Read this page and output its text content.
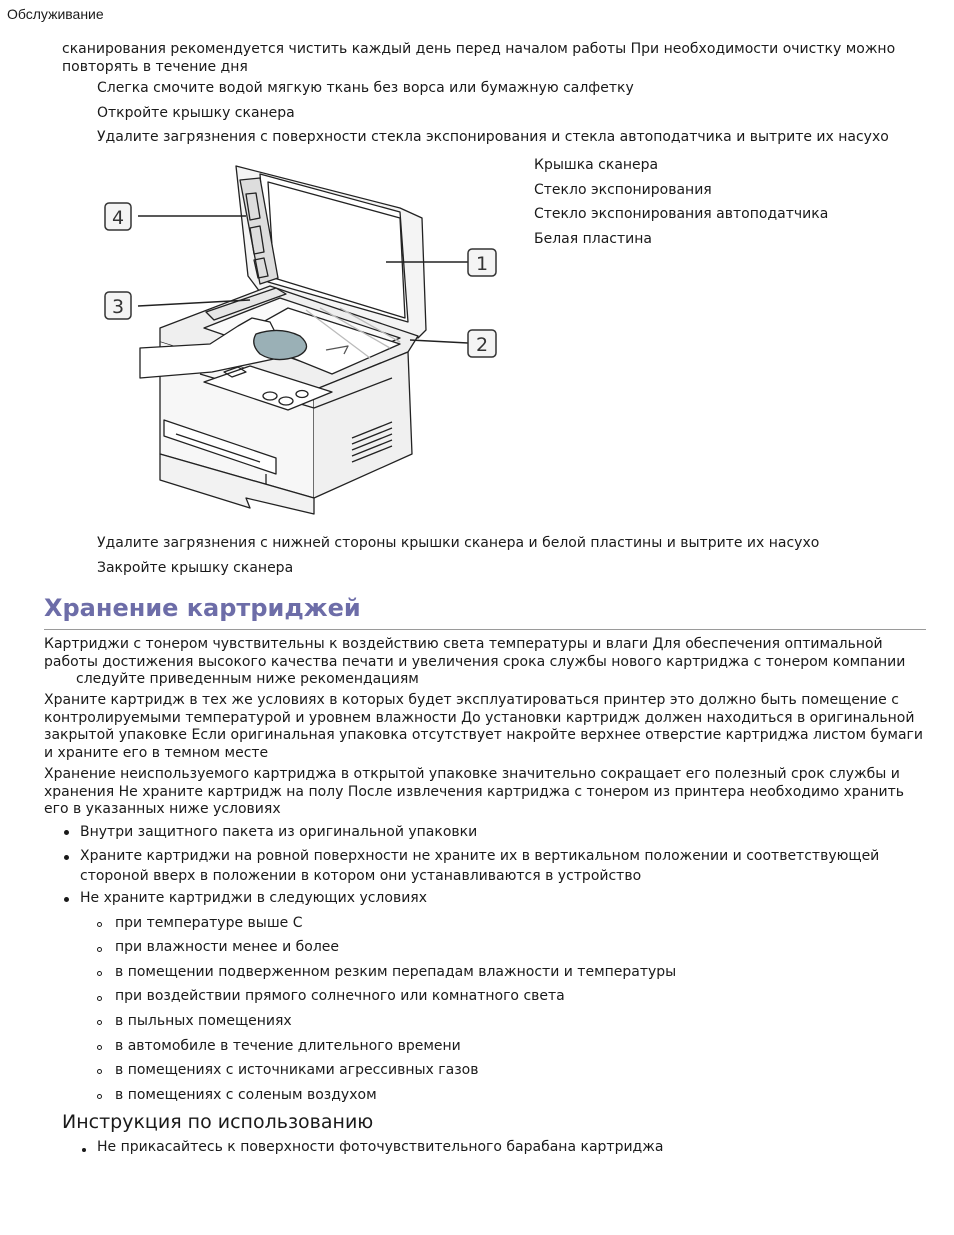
Обслуживание
сканирования рекомендуется чистить каждый день перед началом работы При необходимости очистку можно
повторять в течение дня
Слегка смочите водой мягкую ткань без ворса или бумажную салфетку
Откройте крышку сканера
Удалите загрязнения с поверхности стекла экспонирования и стекла автоподатчика и вытрите их насухо
4
3
1
2
Крышка сканера
Стекло экспонирования
Стекло экспонирования автоподатчика
Белая пластина
Удалите загрязнения с нижней стороны крышки сканера и белой пластины и вытрите их насухо
Закройте крышку сканера
Хранение картриджей
Картриджи с тонером чувствительны к воздействию света температуры и влаги Для обеспечения оптимальной
работы достижения высокого качества печати и увеличения срока службы нового картриджа с тонером компании
следуйте приведенным ниже рекомендациям
Храните картридж в тех же условиях в которых будет эксплуатироваться принтер это должно быть помещение с
контролируемыми температурой и уровнем влажности До установки картридж должен находиться в оригинальной
закрытой упаковке Если оригинальная упаковка отсутствует накройте верхнее отверстие картриджа листом бумаги
и храните его в темном месте
Хранение неиспользуемого картриджа в открытой упаковке значительно сокращает его полезный срок службы и
хранения Не храните картридж на полу После извлечения картриджа с тонером из принтера необходимо хранить
его в указанных ниже условиях
Внутри защитного пакета из оригинальной упаковки
Храните картриджи на ровной поверхности не храните их в вертикальном положении и соответствующей
стороной вверх в положении в котором они устанавливаются в устройство
Не храните картриджи в следующих условиях
при температуре выше С
при влажности менее и более
в помещении подверженном резким перепадам влажности и температуры
при воздействии прямого солнечного или комнатного света
в пыльных помещениях
в автомобиле в течение длительного времени
в помещениях с источниками агрессивных газов
в помещениях с соленым воздухом
Инструкция по использованию
Не прикасайтесь к поверхности фоточувствительного барабана картриджа
